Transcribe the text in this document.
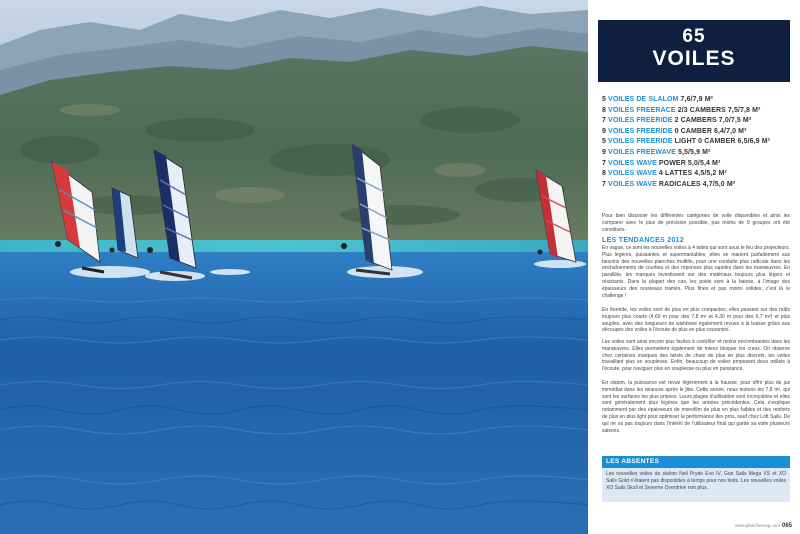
65
VOILES
5 VOILES DE SLALOM 7,6/7,9 M²
8 VOILES FREERACE 2/3 CAMBERS 7,5/7,8 M²
7 VOILES FREERIDE 2 CAMBERS 7,0/7,5 M²
9 VOILES FREERIDE 0 CAMBER 6,4/7,0 M²
5 VOILES FREERIDE LIGHT 0 CAMBER 6,5/6,9 M²
9 VOILES FREEWAVE 5,5/5,9 M²
7 VOILES WAVE POWER 5,0/5,4 M²
8 VOILES WAVE 4 LATTES 4,5/5,2 M²
7 VOILES WAVE RADICALES 4,7/5,0 M²

Pour bien dissocier les différentes catégories de voile disponibles et ainsi les comparer avec le plus de précision possible, pas moins de 9 groupes ont été constitués.

LES TENDANCES 2012

En vague, ce sont les nouvelles voiles à 4 lattes qui sont sous le feu des projecteurs. Plus légères, puissantes et supermaniables, elles se marient parfaitement aux besoins des nouvelles planches multifin, pour une conduite plus radicale dans les enchaînements de courbes et des réponses plus rapides dans les manœuvres. En parallèle, les marques investissent sur des matériaux toujours plus légers et résistants. Dans la plupart des cas, les poids sont à la baisse, à l’image des épaisseurs des nouveaux tramés. Plus fines et pas moins solides, c’est là le challenge !

En freeride, les voiles sont de plus en plus compactes, elles passent sur des mâts toujours plus courts (4,60 m pour des 7,8 m² et 4,30 m pour des 6,7 m²) et plus souples, avec des longueurs de wishbone également revues à la baisse grâce aux découpes des voiles à l’écoute de plus en plus courantes.

Les voiles sont ainsi encore plus faciles à contrôler et moins encombrantes dans les manœuvres. Elles permettent également de mieux bloquer les creux. On observe chez certaines marques des twists de chute de plus en plus discrets, les voiles travaillant plus en souplesse. Enfin, beaucoup de voiles proposent deux œillets à l’écoute, pour naviguer plus en souplesse ou plus en puissance.

En slalom, la puissance est revue légèrement à la hausse, pour offrir plus de jus immédiat dans les relances après le jibe. Cette année, nous testons les 7,8 m², qui sont les surfaces les plus prisées. Leurs plages d’utilisation sont incroyables et elles sont généralement plus légères que les années précédentes. Cela s’explique notamment par des épaisseurs de monofilm de plus en plus faibles et des renforts de plus en plus light pour optimiser la performance des pros, sauf chez Loft Sails. De qui ne va pas toujours dans l’intérêt de l’utilisateur final qui garde sa voile plusieurs saisons.

LES ABSENTES
Les nouvelles voiles de slalom Neil Pryde Evo IV, Gun Sails Mega XS et XO Sails Gold n’étaient pas disponibles à temps pour nos tests. Les nouvelles voiles XO Sails Skull et Severne Overdrive non plus.
www.planchemag.com 065
